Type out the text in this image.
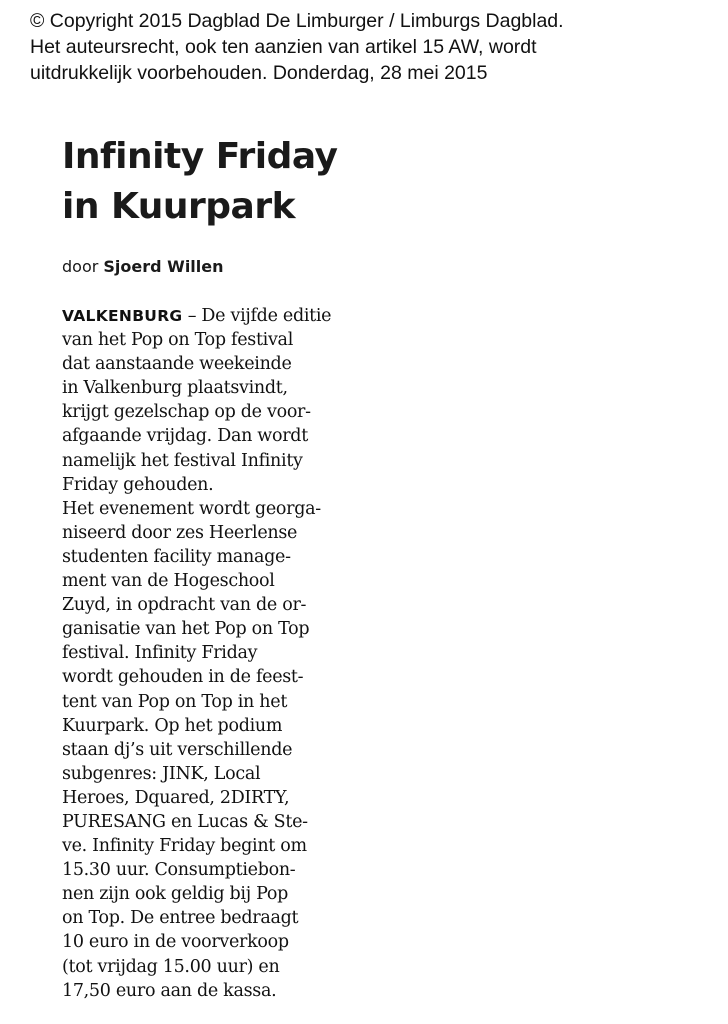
© Copyright 2015 Dagblad De Limburger / Limburgs Dagblad.
Het auteursrecht, ook ten aanzien van artikel 15 AW, wordt
uitdrukkelijk voorbehouden. Donderdag, 28 mei 2015
Infinity Friday
in Kuurpark
door Sjoerd Willen
VALKENBURG – De vijfde editie
van het Pop on Top festival
dat aanstaande weekeinde
in Valkenburg plaatsvindt,
krijgt gezelschap op de voor-
afgaande vrijdag. Dan wordt
namelijk het festival Infinity
Friday gehouden.
Het evenement wordt georga-
niseerd door zes Heerlense
studenten facility manage-
ment van de Hogeschool
Zuyd, in opdracht van de or-
ganisatie van het Pop on Top
festival. Infinity Friday
wordt gehouden in de feest-
tent van Pop on Top in het
Kuurpark. Op het podium
staan dj’s uit verschillende
subgenres: JINK, Local
Heroes, Dquared, 2DIRTY,
PURESANG en Lucas & Ste-
ve. Infinity Friday begint om
15.30 uur. Consumptiebon-
nen zijn ook geldig bij Pop
on Top. De entree bedraagt
10 euro in de voorverkoop
(tot vrijdag 15.00 uur) en
17,50 euro aan de kassa.
